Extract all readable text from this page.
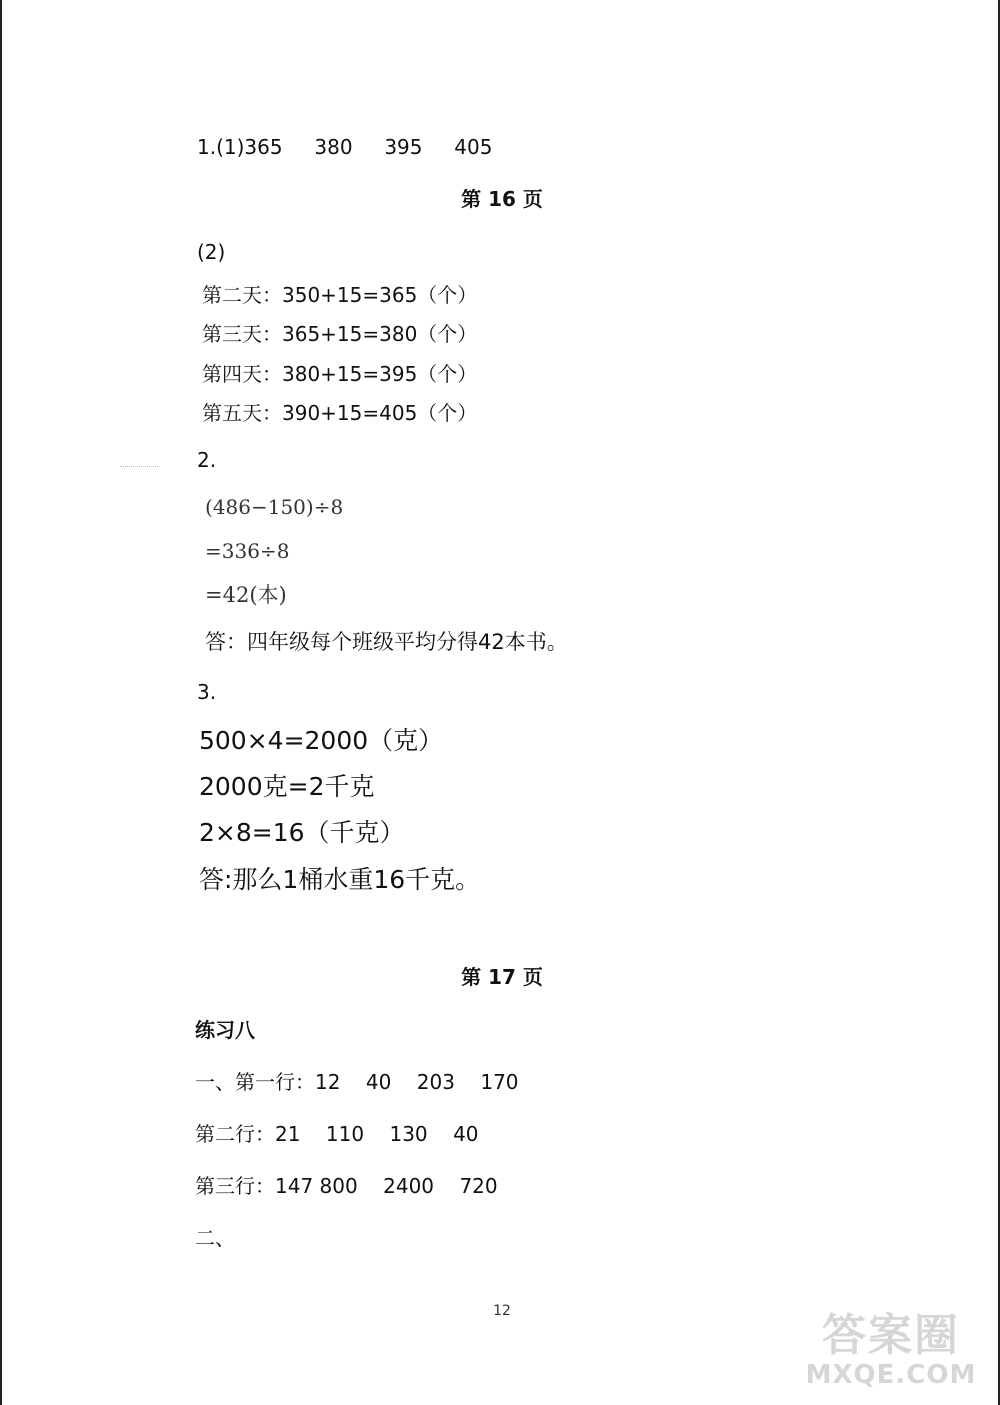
1.(1)365     380     395     405
第 16 页
(2)
第二天：350+15=365（个）
第三天：365+15=380（个）
第四天：380+15=395（个）
第五天：390+15=405（个）
2.
(486−150)÷8
=336÷8
=42(本)
答：四年级每个班级平均分得42本书。
3.
500×4=2000（克）
2000克=2千克
2×8=16（千克）
答:那么1桶水重16千克。
第 17 页
练习八
一、第一行：12    40    203    170
第二行：21    110    130    40
第三行：147 800    2400    720
二、
12	答案圈
MXQE.COM
